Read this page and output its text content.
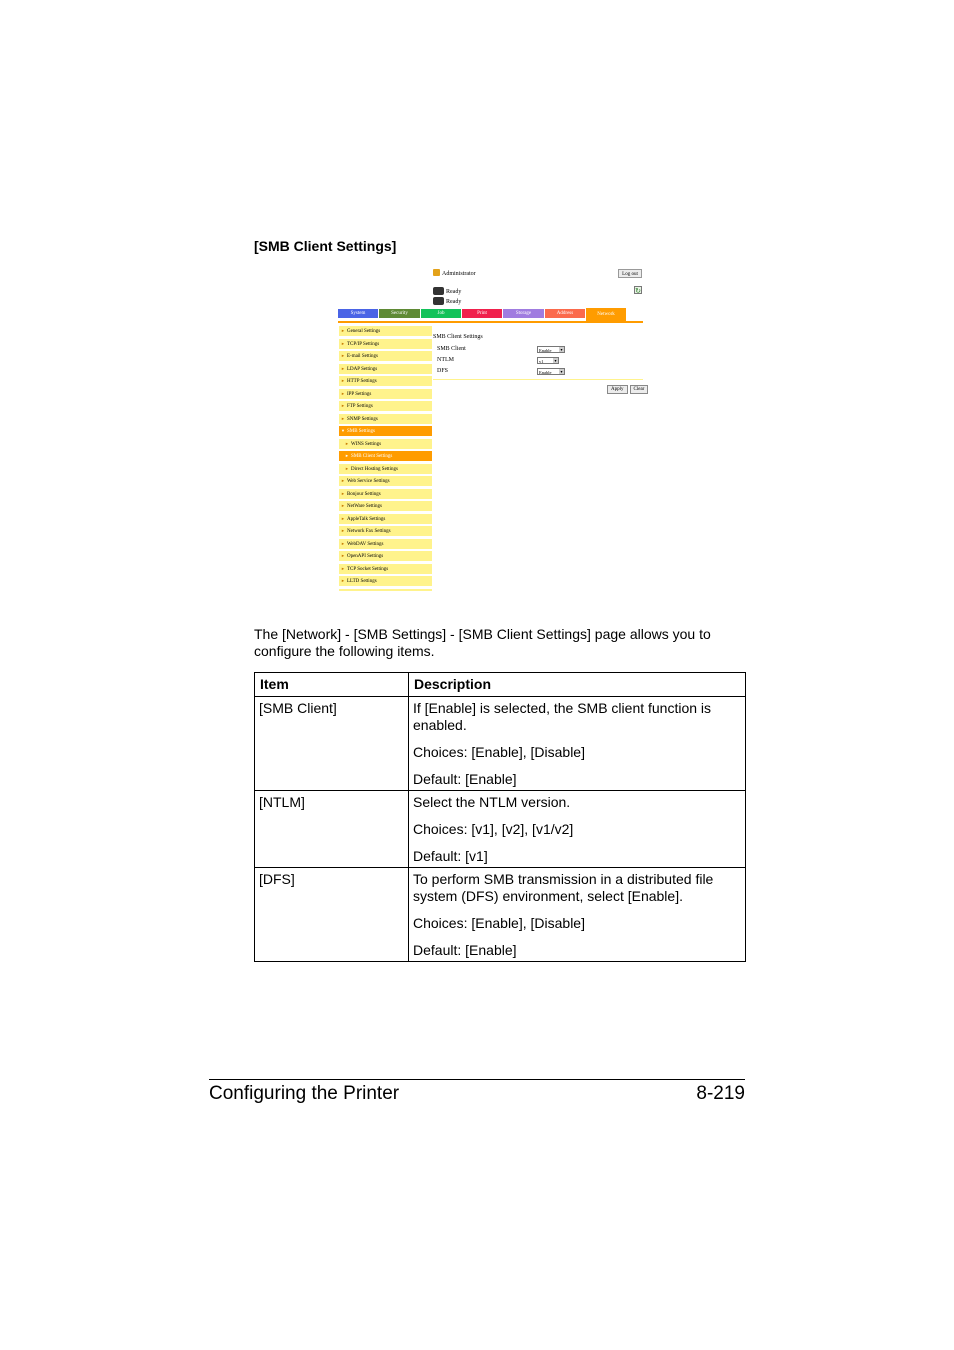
[SMB Client Settings]
Administrator	Log out
Ready
Ready
↻
System	Security	Job	Print	Storage	Address	Network
► General Settings
► TCP/IP Settings
► E-mail Settings
► LDAP Settings
► HTTP Settings
► IPP Settings
► FTP Settings
► SNMP Settings
▼ SMB Settings
► WINS Settings
► SMB Client Settings
► Direct Hosting Settings
► Web Service Settings
► Bonjour Settings
► NetWare Settings
► AppleTalk Settings
► Network Fax Settings
► WebDAV Settings
► OpenAPI Settings
► TCP Socket Settings
► LLTD Settings
SMB Client Settings
SMB Client	Enable	▾
NTLM	v1	▾
DFS	Enable	▾
Apply Clear
The [Network] - [SMB Settings] - [SMB Client Settings] page allows you to configure the following items.
Item	Description
[SMB Client]	If [Enable] is selected, the SMB client function is enabled.

Choices: [Enable], [Disable]

Default: [Enable]

[NTLM]	Select the NTLM version.

Choices: [v1], [v2], [v1/v2]

Default: [v1]

[DFS]	To perform SMB transmission in a distributed file system (DFS) environment, select [Enable].

Choices: [Enable], [Disable]

Default: [Enable]

Configuring the Printer	8-219
